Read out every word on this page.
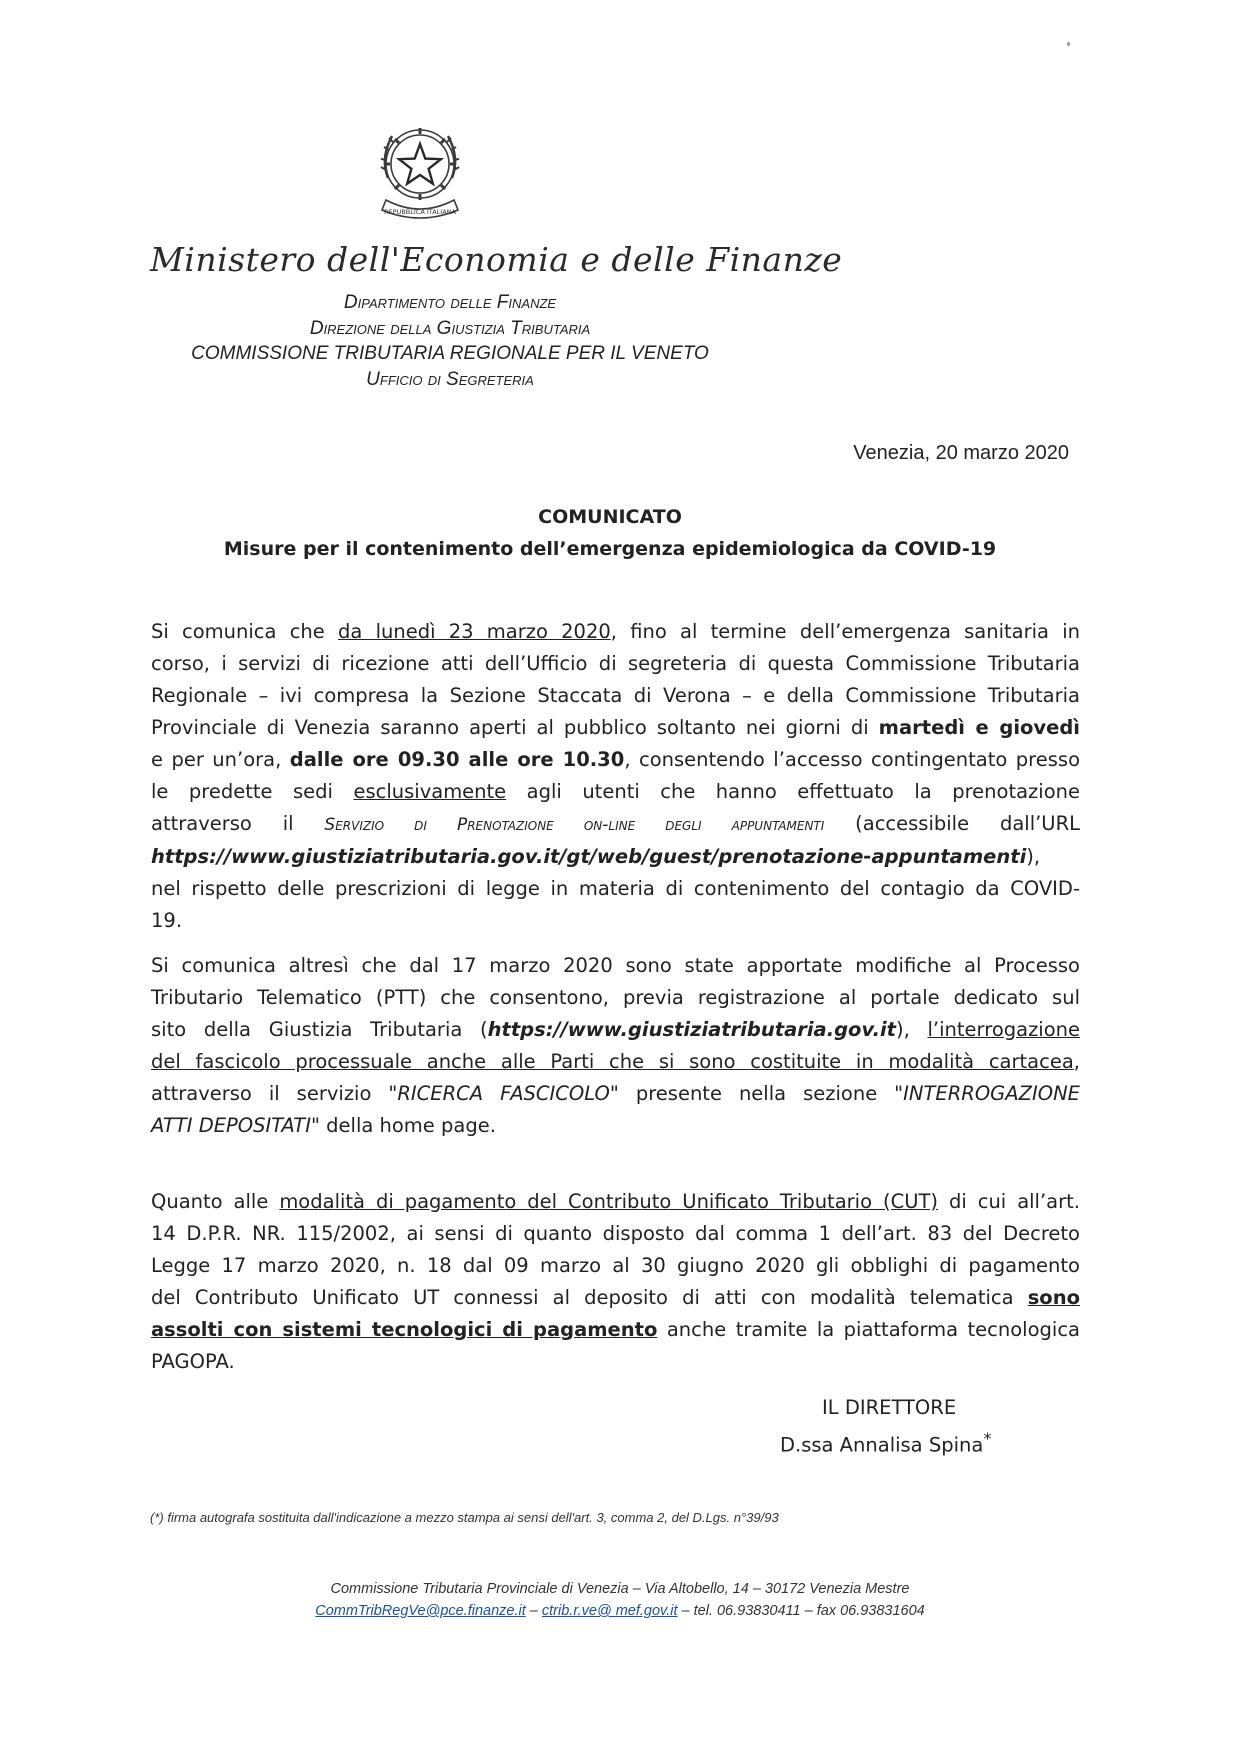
REPUBBLICA ITALIANA
Ministero dell'Economia e delle Finanze
Dipartimento delle Finanze
Direzione della Giustizia Tributaria
COMMISSIONE TRIBUTARIA REGIONALE PER IL VENETO
Ufficio di Segreteria
Venezia, 20 marzo 2020
COMUNICATO
Misure per il contenimento dell’emergenza epidemiologica da COVID-19
Si comunica che da lunedì 23 marzo 2020, fino al termine dell’emergenza sanitaria in
corso, i servizi di ricezione atti dell’Ufficio di segreteria di questa Commissione Tributaria
Regionale – ivi compresa la Sezione Staccata di Verona – e della Commissione Tributaria
Provinciale di Venezia saranno aperti al pubblico soltanto nei giorni di martedì e giovedì
e per un’ora, dalle ore 09.30 alle ore 10.30, consentendo l’accesso contingentato presso
le predette sedi esclusivamente agli utenti che hanno effettuato la prenotazione
attraverso il Servizio di Prenotazione on-line degli appuntamenti (accessibile dall’URL
https://www.giustiziatributaria.gov.it/gt/web/guest/prenotazione-appuntamenti),
nel rispetto delle prescrizioni di legge in materia di contenimento del contagio da COVID-
19.
Si comunica altresì che dal 17 marzo 2020 sono state apportate modifiche al Processo
Tributario Telematico (PTT) che consentono, previa registrazione al portale dedicato sul
sito della Giustizia Tributaria (https://www.giustiziatributaria.gov.it), l’interrogazione
del fascicolo processuale anche alle Parti che si sono costituite in modalità cartacea,
attraverso il servizio "RICERCA FASCICOLO" presente nella sezione "INTERROGAZIONE
ATTI DEPOSITATI" della home page.
Quanto alle modalità di pagamento del Contributo Unificato Tributario (CUT) di cui all’art.
14 D.P.R. NR. 115/2002, ai sensi di quanto disposto dal comma 1 dell’art. 83 del Decreto
Legge 17 marzo 2020, n. 18 dal 09 marzo al 30 giugno 2020 gli obblighi di pagamento
del Contributo Unificato UT connessi al deposito di atti con modalità telematica sono
assolti con sistemi tecnologici di pagamento anche tramite la piattaforma tecnologica
PAGOPA.
IL DIRETTORE
D.ssa Annalisa Spina*
(*) firma autografa sostituita dall'indicazione a mezzo stampa ai sensi dell'art. 3, comma 2, del D.Lgs. n°39/93
Commissione Tributaria Provinciale di Venezia – Via Altobello, 14 – 30172 Venezia Mestre
CommTribRegVe@pce.finanze.it – ctrib.r.ve@ mef.gov.it – tel. 06.93830411 – fax 06.93831604
